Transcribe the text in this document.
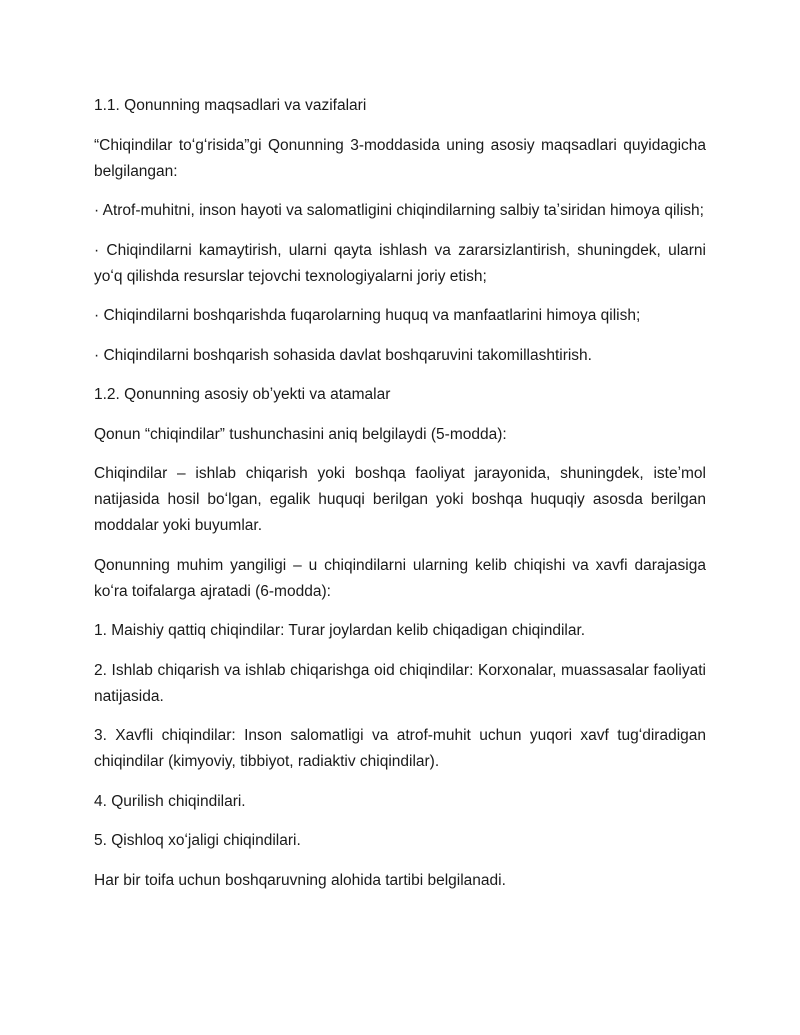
1.1. Qonunning maqsadlari va vazifalari

“Chiqindilar toʻgʻrisida”gi Qonunning 3-moddasida uning asosiy maqsadlari quyidagicha belgilangan:

· Atrof-muhitni, inson hayoti va salomatligini chiqindilarning salbiy taʼsiridan himoya qilish;

· Chiqindilarni kamaytirish, ularni qayta ishlash va zararsizlantirish, shuningdek, ularni yoʻq qilishda resurslar tejovchi texnologiyalarni joriy etish;

· Chiqindilarni boshqarishda fuqarolarning huquq va manfaatlarini himoya qilish;

· Chiqindilarni boshqarish sohasida davlat boshqaruvini takomillashtirish.

1.2. Qonunning asosiy obʼyekti va atamalar

Qonun “chiqindilar” tushunchasini aniq belgilaydi (5-modda):

Chiqindilar – ishlab chiqarish yoki boshqa faoliyat jarayonida, shuningdek, isteʼmol natijasida hosil boʻlgan, egalik huquqi berilgan yoki boshqa huquqiy asosda berilgan moddalar yoki buyumlar.

Qonunning muhim yangiligi – u chiqindilarni ularning kelib chiqishi va xavfi darajasiga koʻra toifalarga ajratadi (6-modda):

1. Maishiy qattiq chiqindilar: Turar joylardan kelib chiqadigan chiqindilar.

2. Ishlab chiqarish va ishlab chiqarishga oid chiqindilar: Korxonalar, muassasalar faoliyati natijasida.

3. Xavfli chiqindilar: Inson salomatligi va atrof-muhit uchun yuqori xavf tugʻdiradigan chiqindilar (kimyoviy, tibbiyot, radiaktiv chiqindilar).

4. Qurilish chiqindilari.

5. Qishloq xoʻjaligi chiqindilari.

Har bir toifa uchun boshqaruvning alohida tartibi belgilanadi.
